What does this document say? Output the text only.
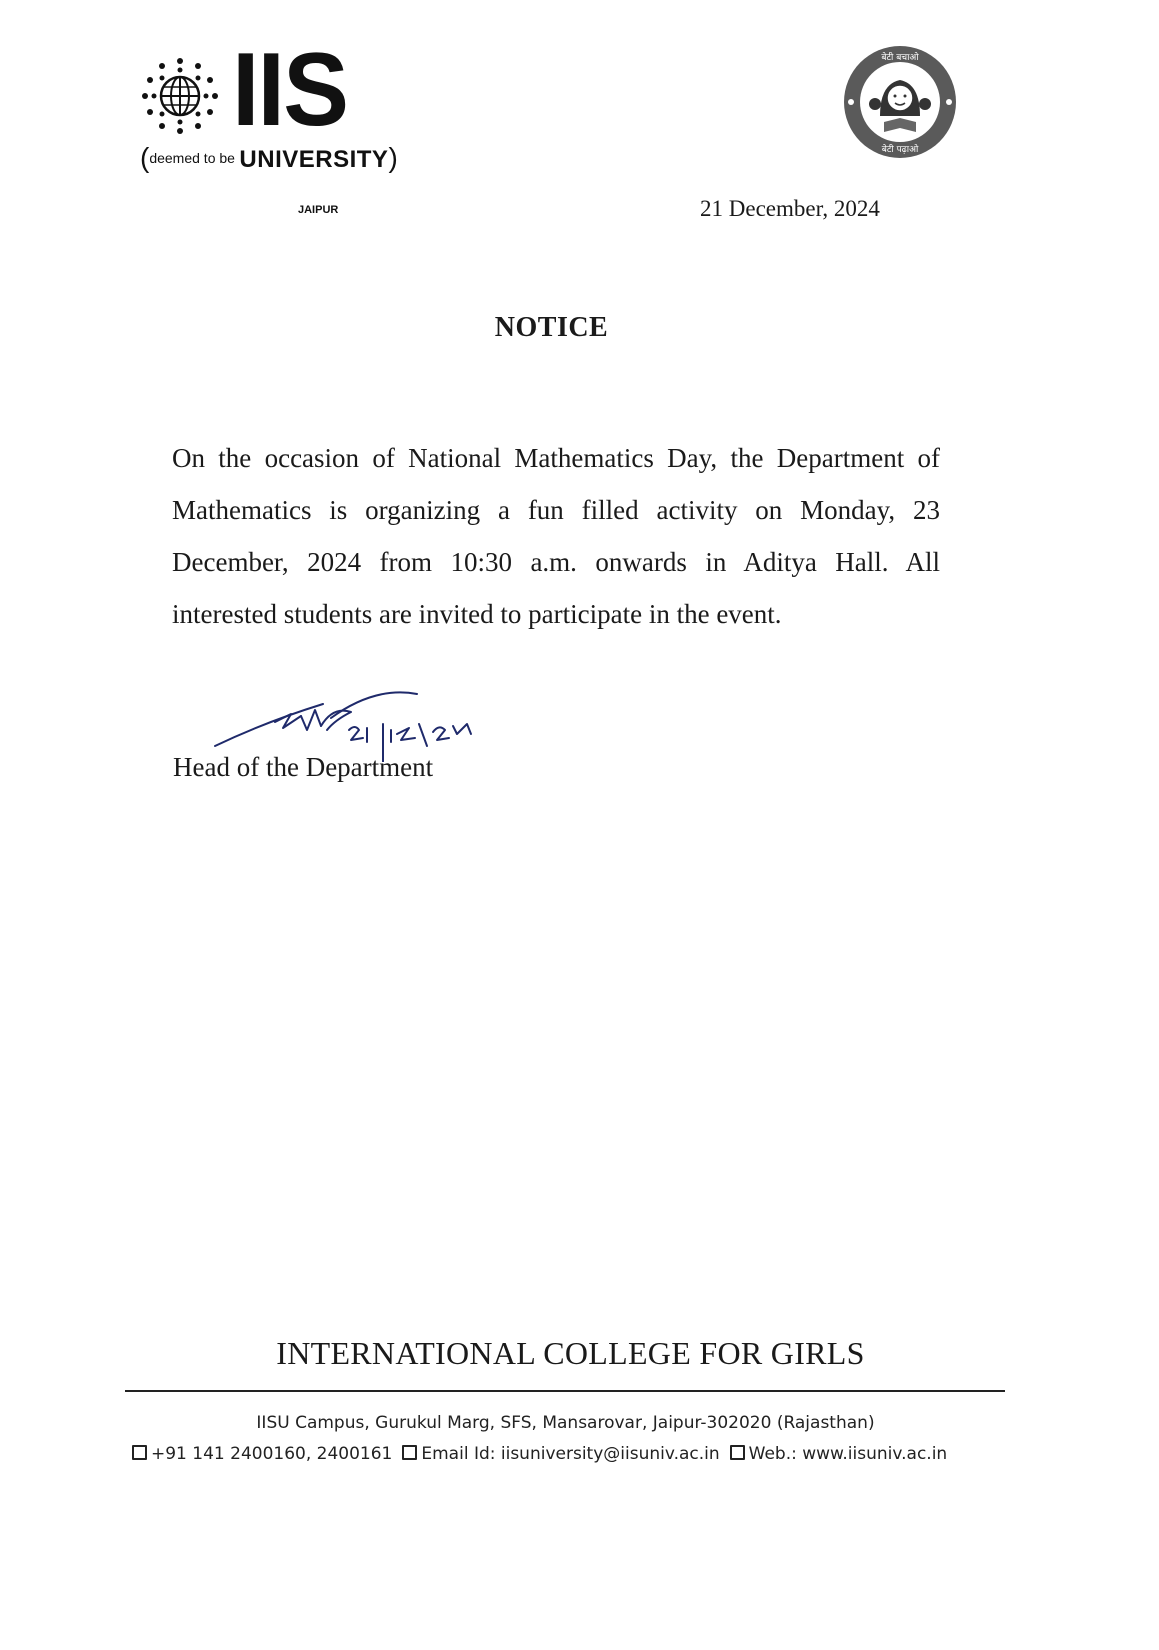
IIS
(deemed to be UNIVERSITY)
JAIPUR
बेटी बचाओ
बेटी पढ़ाओ
21 December, 2024
NOTICE
On the occasion of National Mathematics Day, the Department of Mathematics is organizing a fun filled activity on Monday, 23 December, 2024 from 10:30 a.m. onwards in Aditya Hall. All interested students are invited to participate in the event.
Head of the Department
INTERNATIONAL COLLEGE FOR GIRLS
IISU Campus, Gurukul Marg, SFS, Mansarovar, Jaipur-302020 (Rajasthan)
+91 141 2400160, 2400161 Email Id: iisuniversity@iisuniv.ac.in Web.: www.iisuniv.ac.in
